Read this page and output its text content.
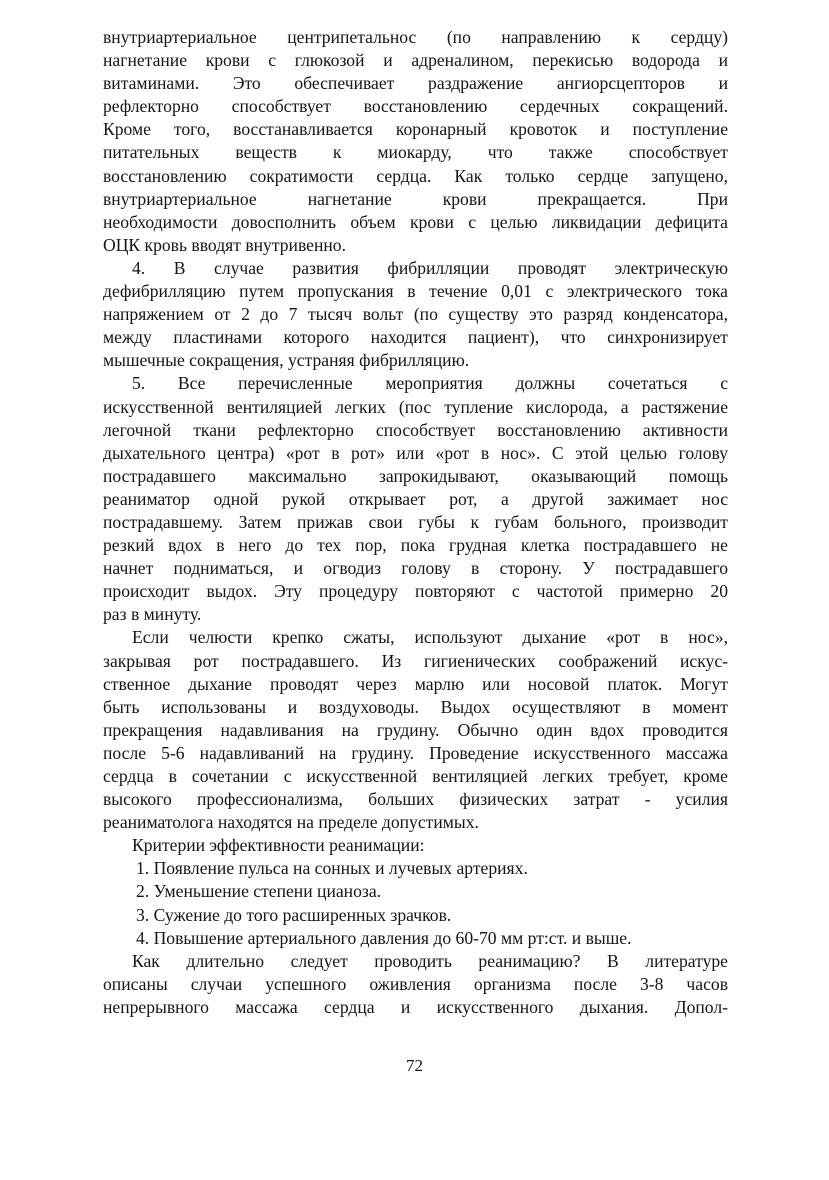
внутриартериальное центрипетальнос (по направлению к сердцу)
нагнетание крови с глюкозой и адреналином, перекисью водорода и
витаминами. Это обеспечивает раздражение ангиорсцепторов и
рефлекторно способствует восстановлению сердечных сокращений.
Кроме того, восстанавливается коронарный кровоток и поступление
питательных веществ к миокарду, что также способствует
восстановлению сократимости сердца. Как только сердце запущено,
внутриартериальное нагнетание крови прекращается. При
необходимости довосполнить объем крови с целью ликвидации дефицита
ОЦК кровь вводят внутривенно.
4. В случае развития фибрилляции проводят электрическую
дефибрилляцию путем пропускания в течение 0,01 с электрического тока
напряжением от 2 до 7 тысяч вольт (по существу это разряд конденсатора,
между пластинами которого находится пациент), что синхронизирует
мышечные сокращения, устраняя фибрилляцию.
5. Все перечисленные мероприятия должны сочетаться с
искусственной вентиляцией легких (пос тупление кислорода, а растяжение
легочной ткани рефлекторно способствует восстановлению активности
дыхательного центра) «рот в рот» или «рот в нос». С этой целью голову
пострадавшего максимально запрокидывают, оказывающий помощь
реаниматор одной рукой открывает рот, а другой зажимает нос
пострадавшему. Затем прижав свои губы к губам больного, производит
резкий вдох в него до тех пор, пока грудная клетка пострадавшего не
начнет подниматься, и огводиз голову в сторону. У пострадавшего
происходит выдох. Эту процедуру повторяют с частотой примерно 20
раз в минуту.
Если челюсти крепко сжаты, используют дыхание «рот в нос»,
закрывая рот пострадавшего. Из гигиенических соображений искус-
ственное дыхание проводят через марлю или носовой платок. Могут
быть использованы и воздуховоды. Выдох осуществляют в момент
прекращения надавливания на грудину. Обычно один вдох проводится
после 5-6 надавливаний на грудину. Проведение искусственного массажа
сердца в сочетании с искусственной вентиляцией легких требует, кроме
высокого профессионализма, больших физических затрат - усилия
реаниматолога находятся на пределе допустимых.
Критерии эффективности реанимации:
1. Появление пульса на сонных и лучевых артериях.
2. Уменьшение степени цианоза.
3. Сужение до того расширенных зрачков.
4. Повышение артериального давления до 60-70 мм рт:ст. и выше.
Как длительно следует проводить реанимацию? В литературе
описаны случаи успешного оживления организма после 3-8 часов
непрерывного массажа сердца и искусственного дыхания. Допол-
72
